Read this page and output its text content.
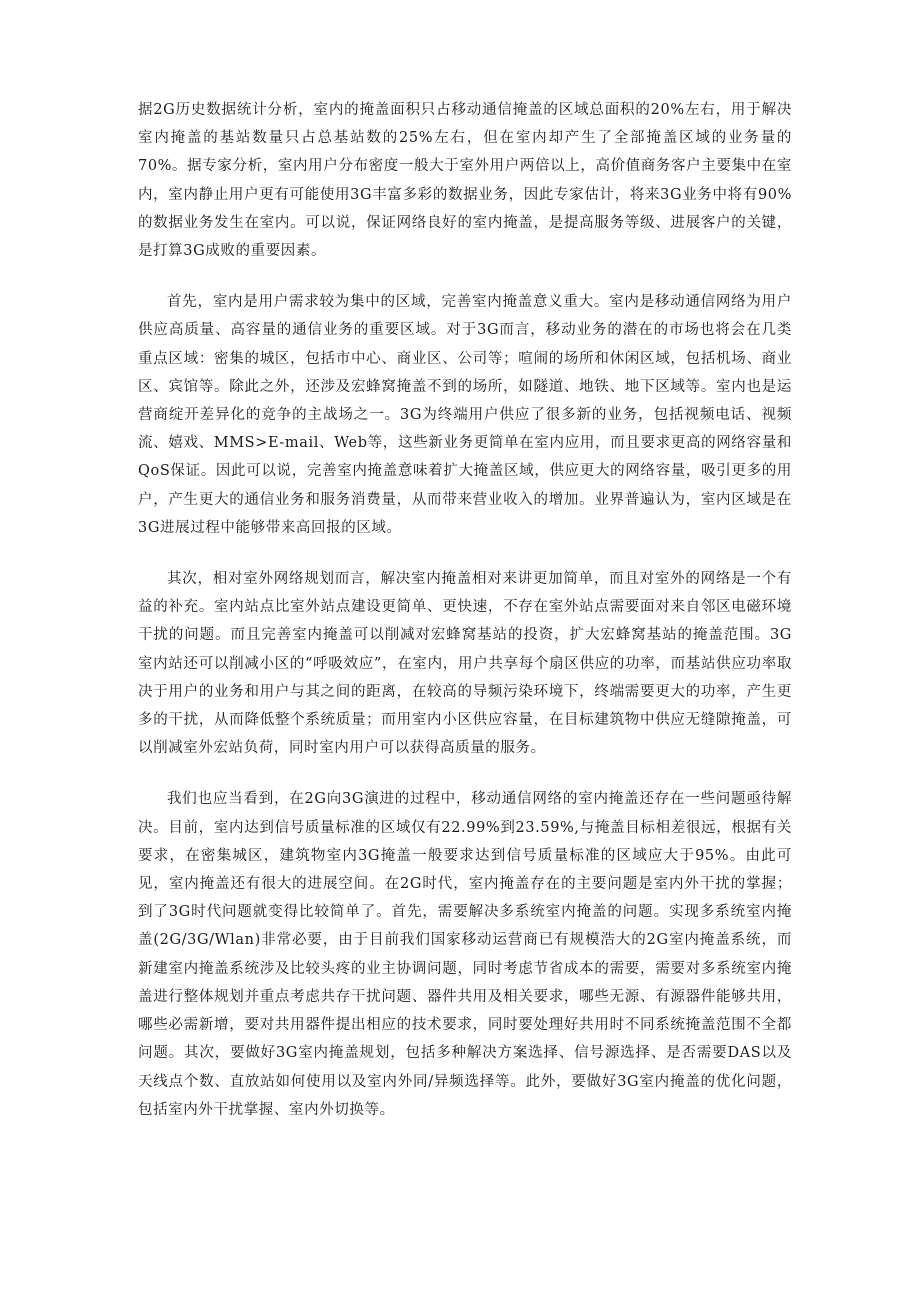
据2G历史数据统计分析，室内的掩盖面积只占移动通信掩盖的区域总面积的20%左右，用于解决室内掩盖的基站数量只占总基站数的25%左右，但在室内却产生了全部掩盖区域的业务量的70%。据专家分析，室内用户分布密度一般大于室外用户两倍以上，高价值商务客户主要集中在室内，室内静止用户更有可能使用3G丰富多彩的数据业务，因此专家估计，将来3G业务中将有90%的数据业务发生在室内。可以说，保证网络良好的室内掩盖，是提高服务等级、进展客户的关键，是打算3G成败的重要因素。

首先，室内是用户需求较为集中的区域，完善室内掩盖意义重大。室内是移动通信网络为用户供应高质量、高容量的通信业务的重要区域。对于3G而言，移动业务的潜在的市场也将会在几类重点区域：密集的城区，包括市中心、商业区、公司等；喧闹的场所和休闲区域，包括机场、商业区、宾馆等。除此之外，还涉及宏蜂窝掩盖不到的场所，如隧道、地铁、地下区域等。室内也是运营商绽开差异化的竞争的主战场之一。3G为终端用户供应了很多新的业务，包括视频电话、视频流、嬉戏、MMS>E-mail、Web等，这些新业务更简单在室内应用，而且要求更高的网络容量和QoS保证。因此可以说，完善室内掩盖意味着扩大掩盖区域，供应更大的网络容量，吸引更多的用户，产生更大的通信业务和服务消费量，从而带来营业收入的增加。业界普遍认为，室内区域是在3G进展过程中能够带来高回报的区域。

其次，相对室外网络规划而言，解决室内掩盖相对来讲更加简单，而且对室外的网络是一个有益的补充。室内站点比室外站点建设更简单、更快速，不存在室外站点需要面对来自邻区电磁环境干扰的问题。而且完善室内掩盖可以削减对宏蜂窝基站的投资，扩大宏蜂窝基站的掩盖范围。3G室内站还可以削减小区的“呼吸效应”，在室内，用户共享每个扇区供应的功率，而基站供应功率取决于用户的业务和用户与其之间的距离，在较高的导频污染环境下，终端需要更大的功率，产生更多的干扰，从而降低整个系统质量；而用室内小区供应容量，在目标建筑物中供应无缝隙掩盖，可以削减室外宏站负荷，同时室内用户可以获得高质量的服务。

我们也应当看到，在2G向3G演进的过程中，移动通信网络的室内掩盖还存在一些问题亟待解决。目前，室内达到信号质量标准的区域仅有22.99%到23.59%,与掩盖目标相差很远，根据有关要求，在密集城区，建筑物室内3G掩盖一般要求达到信号质量标准的区域应大于95%。由此可见，室内掩盖还有很大的进展空间。在2G时代，室内掩盖存在的主要问题是室内外干扰的掌握；到了3G时代问题就变得比较简单了。首先，需要解决多系统室内掩盖的问题。实现多系统室内掩盖(2G/3G/Wlan)非常必要，由于目前我们国家移动运营商已有规模浩大的2G室内掩盖系统，而新建室内掩盖系统涉及比较头疼的业主协调问题，同时考虑节省成本的需要，需要对多系统室内掩盖进行整体规划并重点考虑共存干扰问题、器件共用及相关要求，哪些无源、有源器件能够共用，哪些必需新增，要对共用器件提出相应的技术要求，同时要处理好共用时不同系统掩盖范围不全都问题。其次，要做好3G室内掩盖规划，包括多种解决方案选择、信号源选择、是否需要DAS以及天线点个数、直放站如何使用以及室内外同/异频选择等。此外，要做好3G室内掩盖的优化问题，包括室内外干扰掌握、室内外切换等。
